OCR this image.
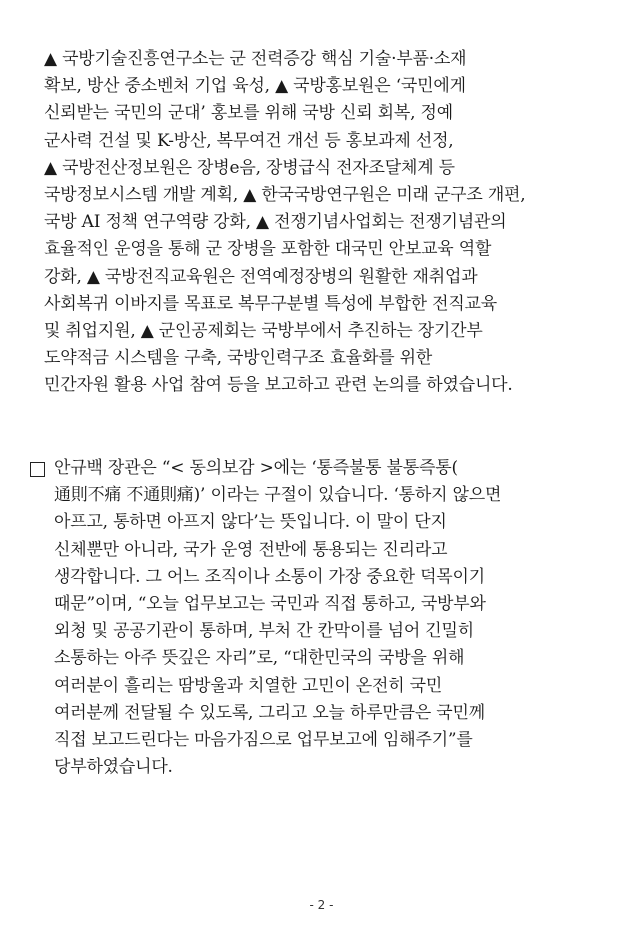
▲ 국방기술진흥연구소는 군 전력증강 핵심 기술·부품·소재
확보, 방산 중소벤처 기업 육성, ▲ 국방홍보원은 ‘국민에게
신뢰받는 국민의 군대’ 홍보를 위해 국방 신뢰 회복, 정예
군사력 건설 및 K-방산, 복무여건 개선 등 홍보과제 선정,
▲ 국방전산정보원은 장병e음, 장병급식 전자조달체계 등
국방정보시스템 개발 계획, ▲ 한국국방연구원은 미래 군구조 개편,
국방 AI 정책 연구역량 강화, ▲ 전쟁기념사업회는 전쟁기념관의
효율적인 운영을 통해 군 장병을 포함한 대국민 안보교육 역할
강화, ▲ 국방전직교육원은 전역예정장병의 원활한 재취업과
사회복귀 이바지를 목표로 복무구분별 특성에 부합한 전직교육
및 취업지원, ▲ 군인공제회는 국방부에서 추진하는 장기간부
도약적금 시스템을 구축, 국방인력구조 효율화를 위한
민간자원 활용 사업 참여 등을 보고하고 관련 논의를 하였습니다.
안규백 장관은 “< 동의보감 >에는 ‘통즉불통 불통즉통(
通則不痛 不通則痛)’ 이라는 구절이 있습니다. ‘통하지 않으면
아프고, 통하면 아프지 않다’는 뜻입니다. 이 말이 단지
신체뿐만 아니라, 국가 운영 전반에 통용되는 진리라고
생각합니다. 그 어느 조직이나 소통이 가장 중요한 덕목이기
때문”이며, “오늘 업무보고는 국민과 직접 통하고, 국방부와
외청 및 공공기관이 통하며, 부처 간 칸막이를 넘어 긴밀히
소통하는 아주 뜻깊은 자리”로, “대한민국의 국방을 위해
여러분이 흘리는 땀방울과 치열한 고민이 온전히 국민
여러분께 전달될 수 있도록, 그리고 오늘 하루만큼은 국민께
직접 보고드린다는 마음가짐으로 업무보고에 임해주기”를
당부하였습니다.
- 2 -
